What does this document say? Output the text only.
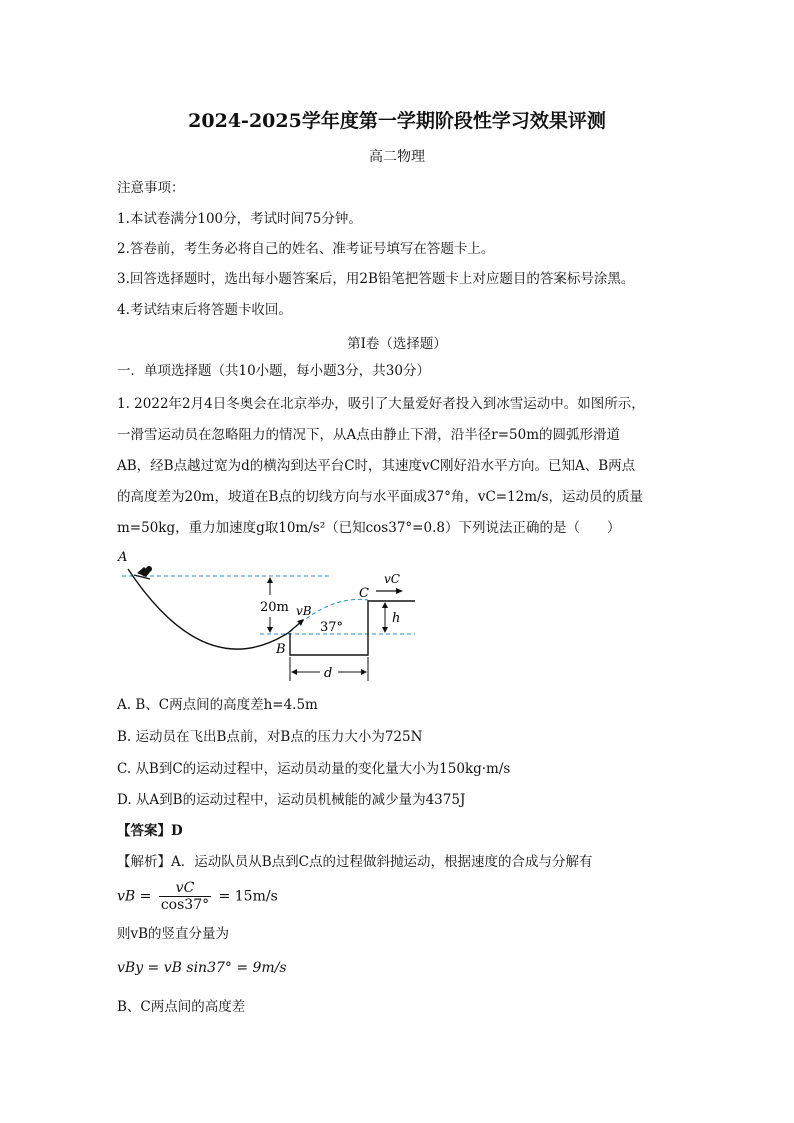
2024-2025学年度第一学期阶段性学习效果评测
高二物理
注意事项：
1.本试卷满分100分，考试时间75分钟。
2.答卷前，考生务必将自己的姓名、准考证号填写在答题卡上。
3.回答选择题时，选出每小题答案后，用2B铅笔把答题卡上对应题目的答案标号涂黑。
4.考试结束后将答题卡收回。
第Ⅰ卷（选择题）
一．单项选择题（共10小题，每小题3分，共30分）
1. 2022年2月4日冬奥会在北京举办，吸引了大量爱好者投入到冰雪运动中。如图所示，
一滑雪运动员在忽略阻力的情况下，从A点由静止下滑，沿半径r=50m的圆弧形滑道
AB，经B点越过宽为d的横沟到达平台C时，其速度vC刚好沿水平方向。已知A、B两点
的高度差为20m，坡道在B点的切线方向与水平面成37°角，vC=12m/s，运动员的质量
m=50kg，重力加速度g取10m/s²（已知cos37°=0.8）下列说法正确的是（　　）
20m vB
37°
vC
C
A
B
h
d
A. B、C两点间的高度差h=4.5m
B. 运动员在飞出B点前，对B点的压力大小为725N
C. 从B到C的运动过程中，运动员动量的变化量大小为150kg·m/s
D. 从A到B的运动过程中，运动员机械能的减少量为4375J
【答案】D
【解析】A．运动队员从B点到C点的过程做斜抛运动，根据速度的合成与分解有
vB = $\frac{vC}{\cos 37^\circ} = 15m/s$
则vB的竖直分量为
vBy = vB sin37° = 9m/s
B、C两点间的高度差
